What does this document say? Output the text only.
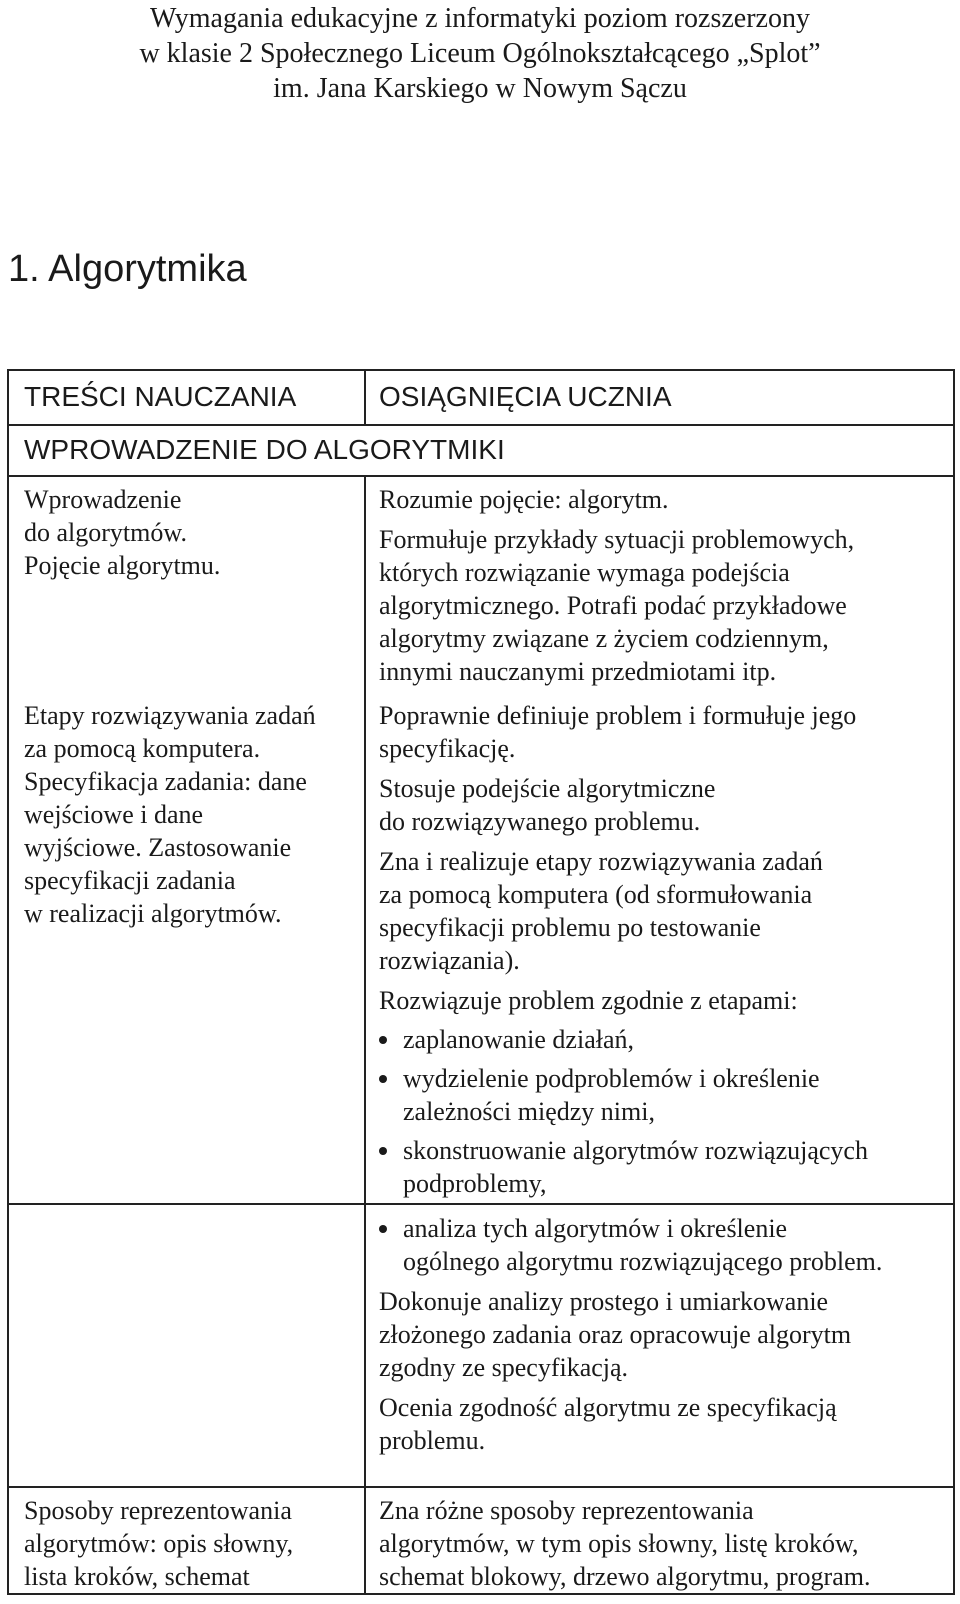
Wymagania edukacyjne z informatyki poziom rozszerzony
w klasie 2 Społecznego Liceum Ogólnokształcącego „Splot”
im. Jana Karskiego w Nowym Sączu
1. Algorytmika
TREŚCI NAUCZANIA	OSIĄGNIĘCIA UCZNIA
WPROWADZENIE DO ALGORYTMIKI

Wprowadzenie

do algorytmów.

Pojęcie algorytmu.

Rozumie pojęcie: algorytm.

Formułuje przykłady sytuacji problemowych,

których rozwiązanie wymaga podejścia

algorytmicznego. Potrafi podać przykładowe

algorytmy związane z życiem codziennym,

innymi nauczanymi przedmiotami itp.

Etapy rozwiązywania zadań

za pomocą komputera.

Specyfikacja zadania: dane

wejściowe i dane

wyjściowe. Zastosowanie

specyfikacji zadania

w realizacji algorytmów.

Poprawnie definiuje problem i formułuje jego

specyfikację.

Stosuje podejście algorytmiczne

do rozwiązywanego problemu.

Zna i realizuje etapy rozwiązywania zadań

za pomocą komputera (od sformułowania

specyfikacji problemu po testowanie

rozwiązania).

Rozwiązuje problem zgodnie z etapami:

zaplanowanie działań,
wydzielenie podproblemów i określenie
zależności między nimi,
skonstruowanie algorytmów rozwiązujących
podproblemy,
analiza tych algorytmów i określenie
ogólnego algorytmu rozwiązującego problem.

Dokonuje analizy prostego i umiarkowanie

złożonego zadania oraz opracowuje algorytm

zgodny ze specyfikacją.

Ocenia zgodność algorytmu ze specyfikacją

problemu.

Sposoby reprezentowania

algorytmów: opis słowny,

lista kroków, schemat

Zna różne sposoby reprezentowania

algorytmów, w tym opis słowny, listę kroków,

schemat blokowy, drzewo algorytmu, program.
